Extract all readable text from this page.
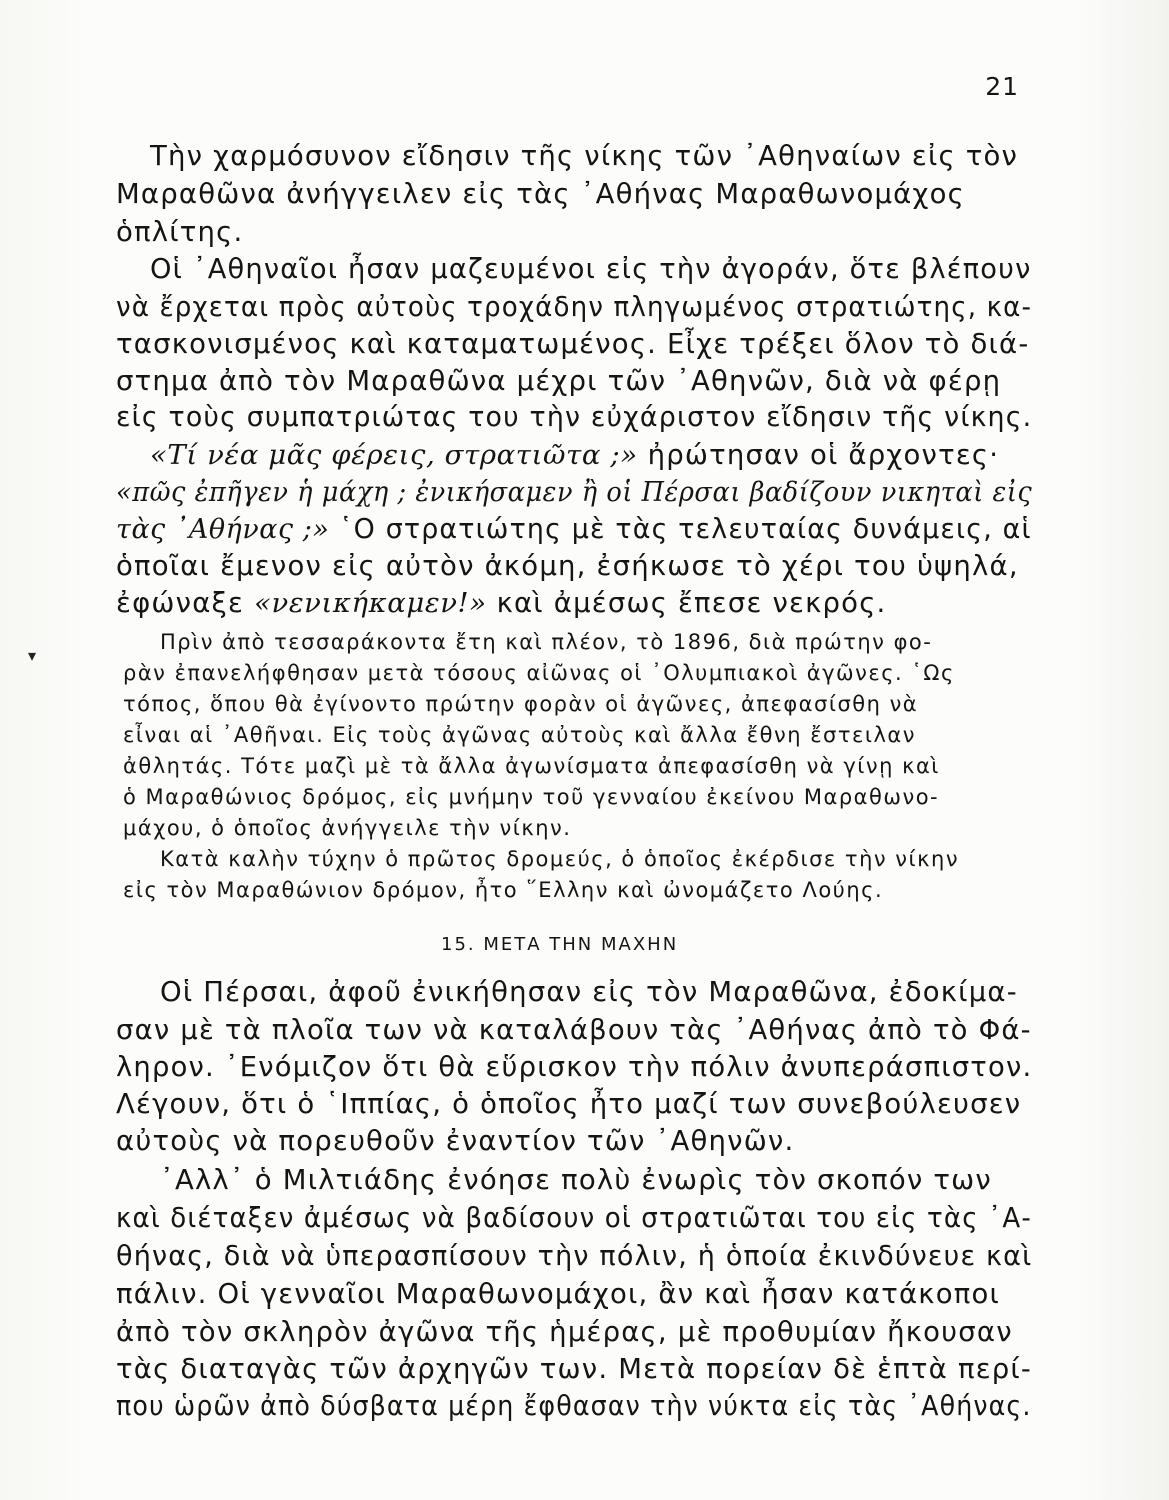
21
▾

Τὴν χαρμόσυνον εἴδησιν τῆς νίκης τῶν ᾽Αθηναίων εἰς τὸν

Μαραθῶνα ἀνήγγειλεν εἰς τὰς ᾽Αθήνας Μαραθωνομάχος

ὁπλίτης.

Οἱ ᾽Αθηναῖοι ἦσαν μαζευμένοι εἰς τὴν ἀγοράν, ὅτε βλέπουν

νὰ ἔρχεται πρὸς αὐτοὺς τροχάδην πληγωμένος στρατιώτης, κα-

τασκονισμένος καὶ καταματωμένος. Εἶχε τρέξει ὅλον τὸ διά-

στημα ἀπὸ τὸν Μαραθῶνα μέχρι τῶν ᾽Αθηνῶν, διὰ νὰ φέρῃ

εἰς τοὺς συμπατριώτας του τὴν εὐχάριστον εἴδησιν τῆς νίκης.

«Τί νέα μᾶς φέρεις, στρατιῶτα ;» ἠρώτησαν οἱ ἄρχοντες·

«πῶς ἐπῆγεν ἡ μάχη ; ἐνικήσαμεν ἢ οἱ Πέρσαι βαδίζουν νικηταὶ εἰς

τὰς ᾽Αθήνας ;» ῾Ο στρατιώτης μὲ τὰς τελευταίας δυνάμεις, αἱ

ὁποῖαι ἔμενον εἰς αὐτὸν ἀκόμη, ἐσήκωσε τὸ χέρι του ὑψηλά,

ἐφώναξε «νενικήκαμεν!» καὶ ἀμέσως ἔπεσε νεκρός.

Πρὶν ἀπὸ τεσσαράκοντα ἔτη καὶ πλέον, τὸ 1896, διὰ πρώτην φο-

ρὰν ἐπανελήφθησαν μετὰ τόσους αἰῶνας οἱ ᾽Ολυμπιακοὶ ἀγῶνες. ῾Ως

τόπος, ὅπου θὰ ἐγίνοντο πρώτην φορὰν οἱ ἀγῶνες, ἀπεφασίσθη νὰ

εἶναι αἱ ᾽Αθῆναι. Εἰς τοὺς ἀγῶνας αὐτοὺς καὶ ἄλλα ἔθνη ἔστειλαν

ἀθλητάς. Τότε μαζὶ μὲ τὰ ἄλλα ἀγωνίσματα ἀπεφασίσθη νὰ γίνῃ καὶ

ὁ Μαραθώνιος δρόμος, εἰς μνήμην τοῦ γενναίου ἐκείνου Μαραθωνο-

μάχου, ὁ ὁποῖος ἀνήγγειλε τὴν νίκην.

Κατὰ καλὴν τύχην ὁ πρῶτος δρομεύς, ὁ ὁποῖος ἐκέρδισε τὴν νίκην

εἰς τὸν Μαραθώνιον δρόμον, ἦτο ῞Ελλην καὶ ὠνομάζετο Λούης.

15. ΜΕΤΑ ΤΗΝ ΜΑΧΗΝ

Οἱ Πέρσαι, ἀφοῦ ἐνικήθησαν εἰς τὸν Μαραθῶνα, ἐδοκίμα-

σαν μὲ τὰ πλοῖα των νὰ καταλάβουν τὰς ᾽Αθήνας ἀπὸ τὸ Φά-

ληρον. ᾽Ενόμιζον ὅτι θὰ εὕρισκον τὴν πόλιν ἀνυπεράσπιστον.

Λέγουν, ὅτι ὁ ῾Ιππίας, ὁ ὁποῖος ἦτο μαζί των συνεβούλευσεν

αὐτοὺς νὰ πορευθοῦν ἐναντίον τῶν ᾽Αθηνῶν.

᾽Αλλ᾽ ὁ Μιλτιάδης ἐνόησε πολὺ ἐνωρὶς τὸν σκοπόν των

καὶ διέταξεν ἀμέσως νὰ βαδίσουν οἱ στρατιῶται του εἰς τὰς ᾽Α-

θήνας, διὰ νὰ ὑπερασπίσουν τὴν πόλιν, ἡ ὁποία ἐκινδύνευε καὶ

πάλιν. Οἱ γενναῖοι Μαραθωνομάχοι, ἂν καὶ ἦσαν κατάκοποι

ἀπὸ τὸν σκληρὸν ἀγῶνα τῆς ἡμέρας, μὲ προθυμίαν ἤκουσαν

τὰς διαταγὰς τῶν ἀρχηγῶν των. Μετὰ πορείαν δὲ ἑπτὰ περί-

που ὡρῶν ἀπὸ δύσβατα μέρη ἔφθασαν τὴν νύκτα εἰς τὰς ᾽Αθήνας.
